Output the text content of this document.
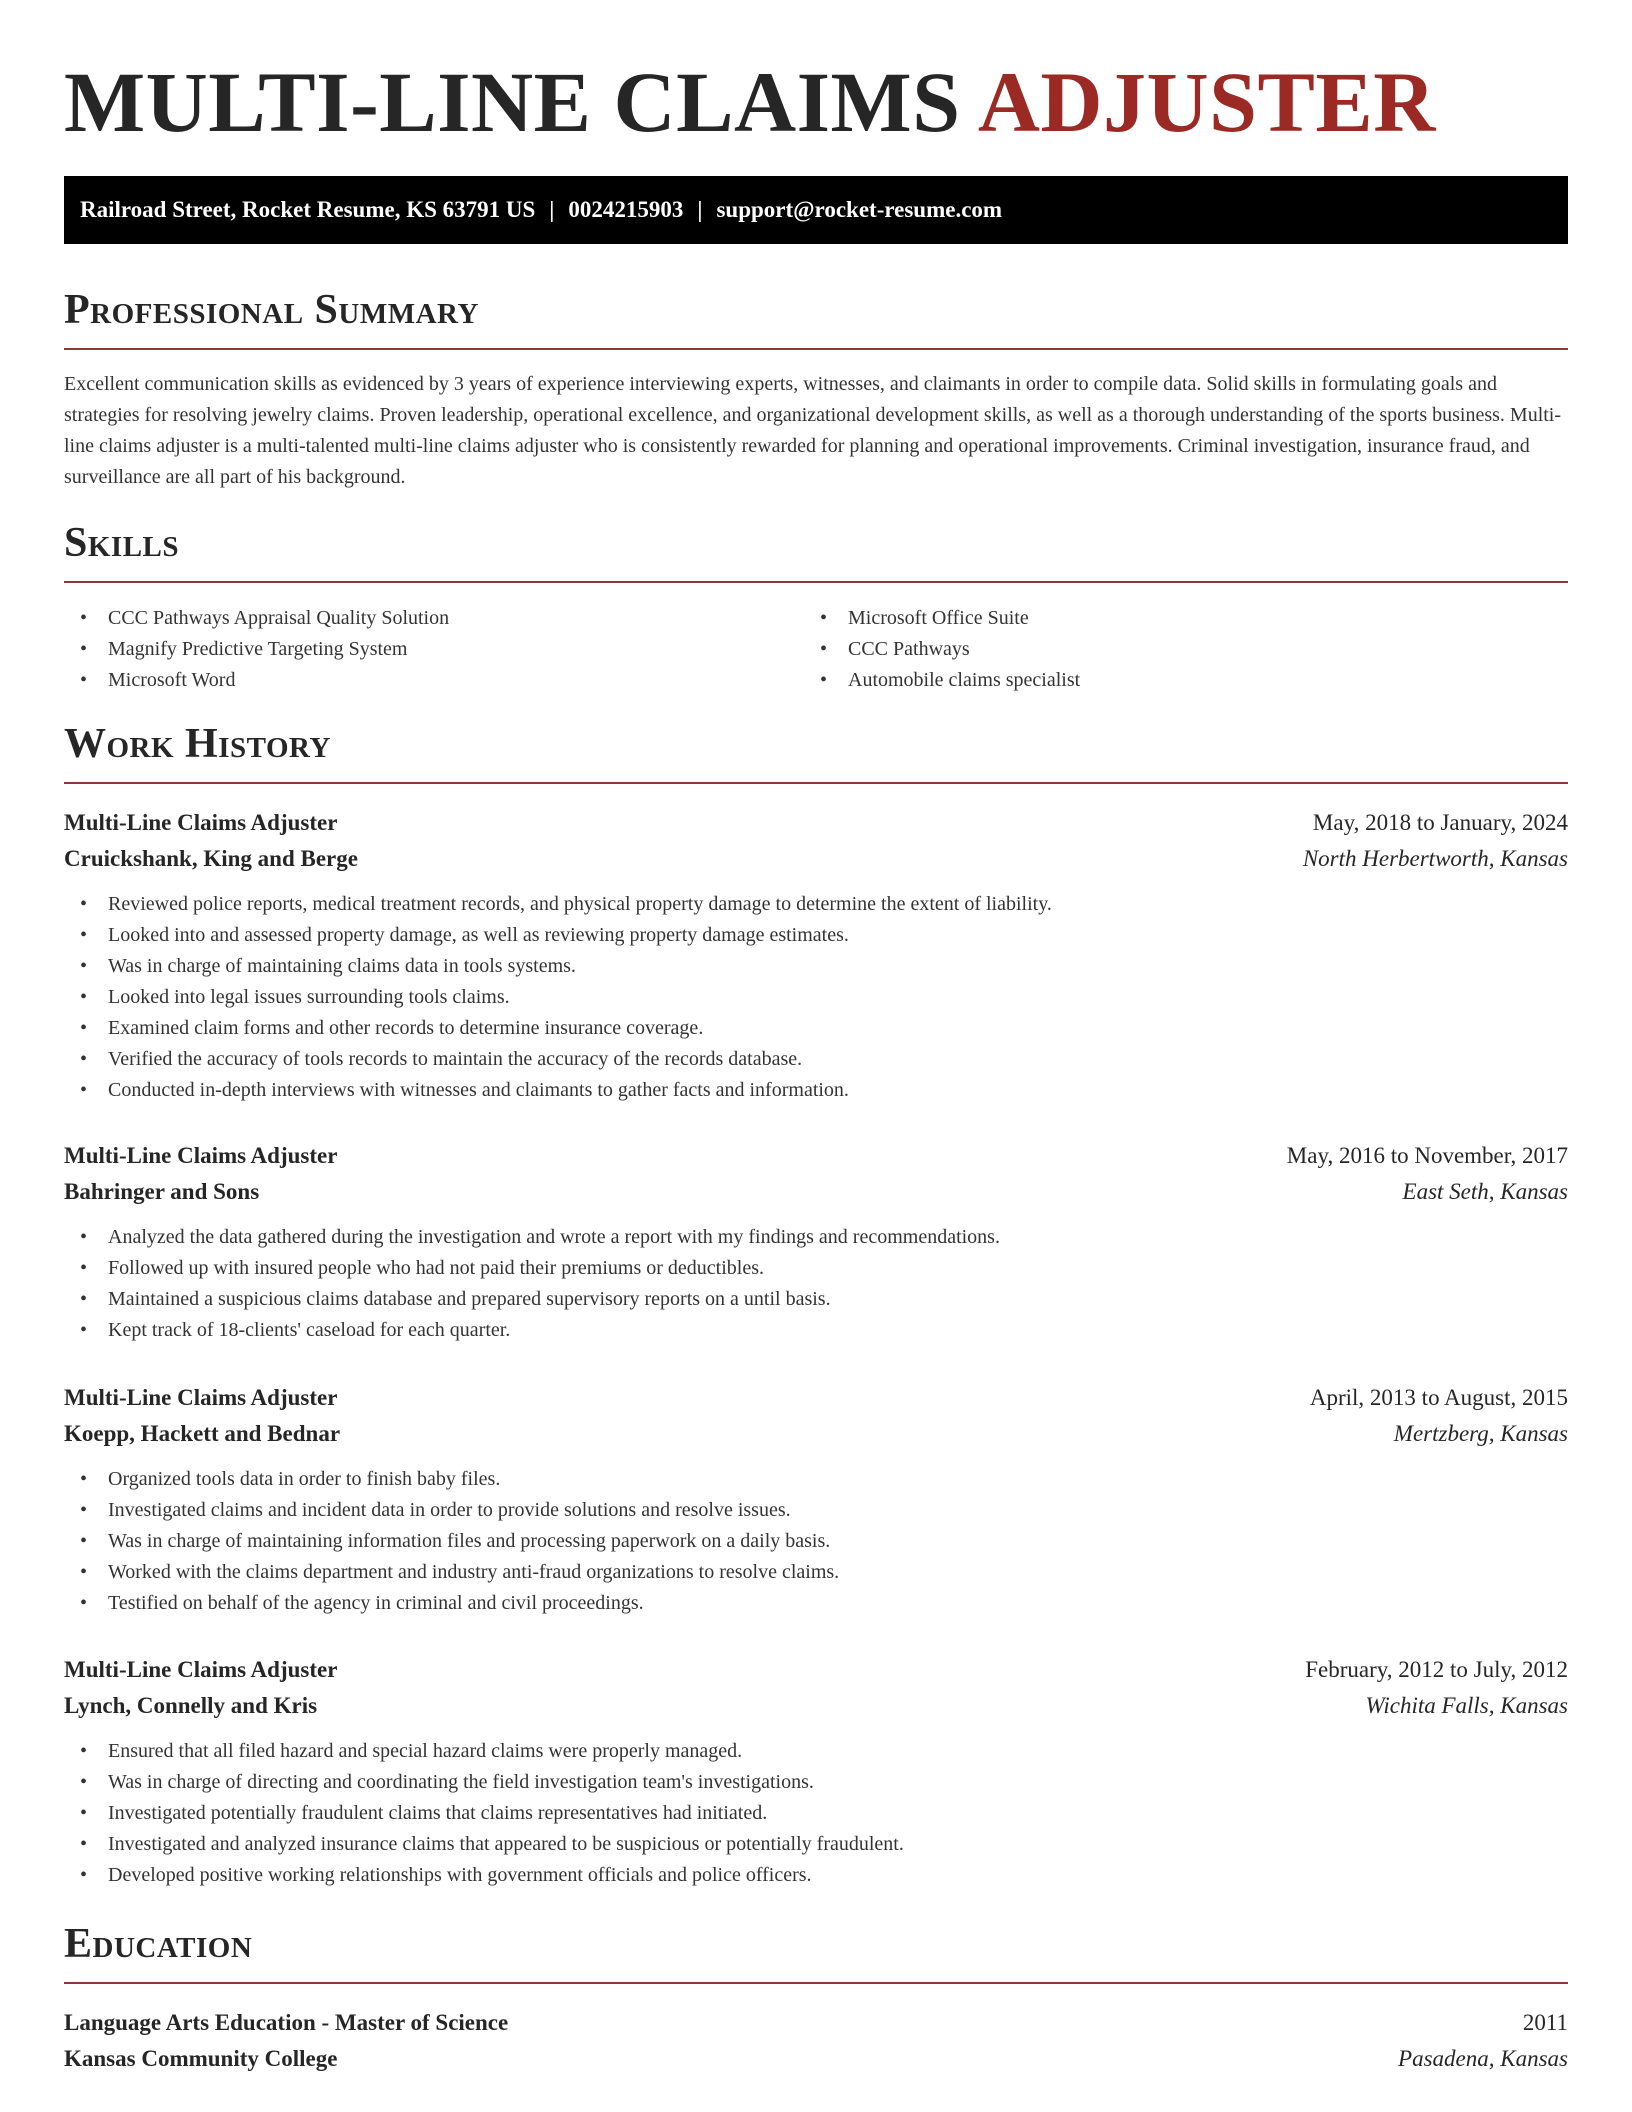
MULTI-LINE CLAIMS ADJUSTER
Railroad Street, Rocket Resume, KS 63791 US | 0024215903 | support@rocket-resume.com
Professional Summary

Excellent communication skills as evidenced by 3 years of experience interviewing experts, witnesses, and claimants in order to compile data. Solid skills in formulating goals and strategies for resolving jewelry claims. Proven leadership, operational excellence, and organizational development skills, as well as a thorough understanding of the sports business. Multi-line claims adjuster is a multi-talented multi-line claims adjuster who is consistently rewarded for planning and operational improvements. Criminal investigation, insurance fraud, and surveillance are all part of his background.

Skills
• CCC Pathways Appraisal Quality Solution
• Magnify Predictive Targeting System
• Microsoft Word
• Microsoft Office Suite
• CCC Pathways
• Automobile claims specialist
Work History
Multi-Line Claims Adjuster	May, 2018 to January, 2024
Cruickshank, King and Berge	North Herbertworth, Kansas
• Reviewed police reports, medical treatment records, and physical property damage to determine the extent of liability.
• Looked into and assessed property damage, as well as reviewing property damage estimates.
• Was in charge of maintaining claims data in tools systems.
• Looked into legal issues surrounding tools claims.
• Examined claim forms and other records to determine insurance coverage.
• Verified the accuracy of tools records to maintain the accuracy of the records database.
• Conducted in-depth interviews with witnesses and claimants to gather facts and information.
Multi-Line Claims Adjuster	May, 2016 to November, 2017
Bahringer and Sons	East Seth, Kansas
• Analyzed the data gathered during the investigation and wrote a report with my findings and recommendations.
• Followed up with insured people who had not paid their premiums or deductibles.
• Maintained a suspicious claims database and prepared supervisory reports on a until basis.
• Kept track of 18-clients' caseload for each quarter.
Multi-Line Claims Adjuster	April, 2013 to August, 2015
Koepp, Hackett and Bednar	Mertzberg, Kansas
• Organized tools data in order to finish baby files.
• Investigated claims and incident data in order to provide solutions and resolve issues.
• Was in charge of maintaining information files and processing paperwork on a daily basis.
• Worked with the claims department and industry anti-fraud organizations to resolve claims.
• Testified on behalf of the agency in criminal and civil proceedings.
Multi-Line Claims Adjuster	February, 2012 to July, 2012
Lynch, Connelly and Kris	Wichita Falls, Kansas
• Ensured that all filed hazard and special hazard claims were properly managed.
• Was in charge of directing and coordinating the field investigation team's investigations.
• Investigated potentially fraudulent claims that claims representatives had initiated.
• Investigated and analyzed insurance claims that appeared to be suspicious or potentially fraudulent.
• Developed positive working relationships with government officials and police officers.
Education
Language Arts Education - Master of Science	2011
Kansas Community College	Pasadena, Kansas
